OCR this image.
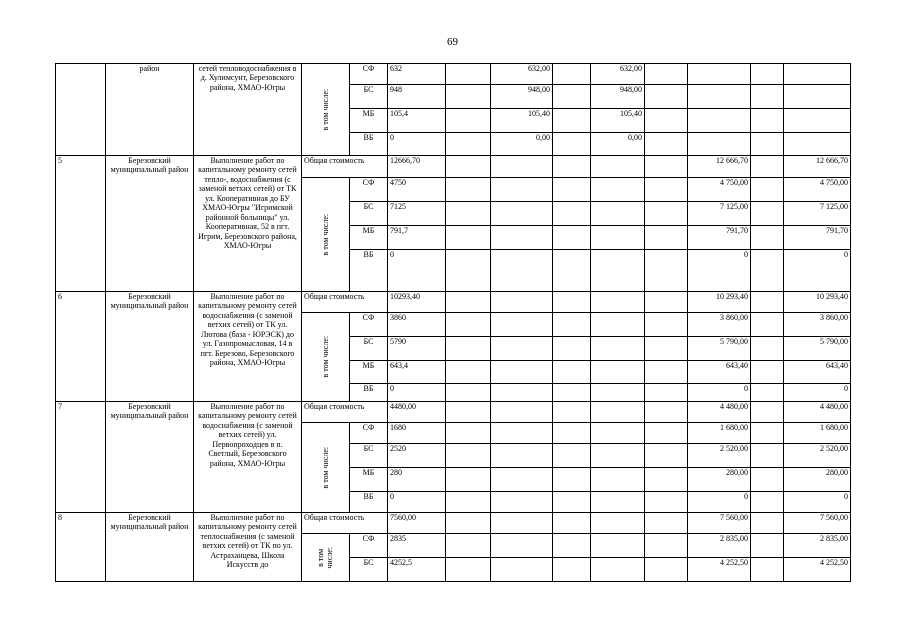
69
	район	сетей тепловодоснабжения в д. Хулимсунт, Березовского района, ХМАО-Югры	в том числе:	СФ	632		632,00		632,00				
				БС	948		948,00		948,00				
				МБ	105,4		105,40		105,40				
				ВБ	0		0,00		0,00				
5	Березовский муниципальный район	Выполнение работ по капитальному ремонту сетей тепло-, водоснабжения (с заменой ветхих сетей) от ТК ул. Кооперативная до БУ ХМАО-Югры "Игримской районной больницы" ул. Кооперативная, 52 в пгт. Игрим, Березовского района, ХМАО-Югры	Общая стоимость		12666,70						12 666,70		12 666,70
			в том числе:	СФ	4750						4 750,00		4 750,00
				БС	7125						7 125,00		7 125,00
				МБ	791,7						791,70		791,70
				ВБ	0						0		0
6	Березовский муниципальный район	Выполнение работ по капитальному ремонту сетей водоснабжения (с заменой ветхих сетей) от ТК ул. Лютова (база - ЮРЭСК) до ул. Газопромысловая, 14 в пгт. Березово, Березовского района, ХМАО-Югры	Общая стоимость		10293,40						10 293,40		10 293,40
			в том числе:	СФ	3860						3 860,00		3 860,00
				БС	5790						5 790,00		5 790,00
				МБ	643,4						643,40		643,40
				ВБ	0						0		0
7	Березовский муниципальный район	Выполнение работ по капитальному ремонту сетей водоснабжения (с заменой ветхих сетей) ул. Первопроходцев в п. Светлый, Березовского района, ХМАО-Югры	Общая стоимость		4480,00						4 480,00		4 480,00
			в том числе:	СФ	1680						1 680,00		1 680,00
				БС	2520						2 520,00		2 520,00
				МБ	280						280,00		280,00
				ВБ	0						0		0
8	Березовский муниципальный район	Выполнение работ по капитальному ремонту сетей теплоснабжения (с заменой ветхих сетей) от ТК по ул. Астраханцева, Школа Искусств до	Общая стоимость		7560,00						7 560,00		7 560,00
			в том числе:	СФ	2835						2 835,00		2 835,00
				БС	4252,5						4 252,50		4 252,50
